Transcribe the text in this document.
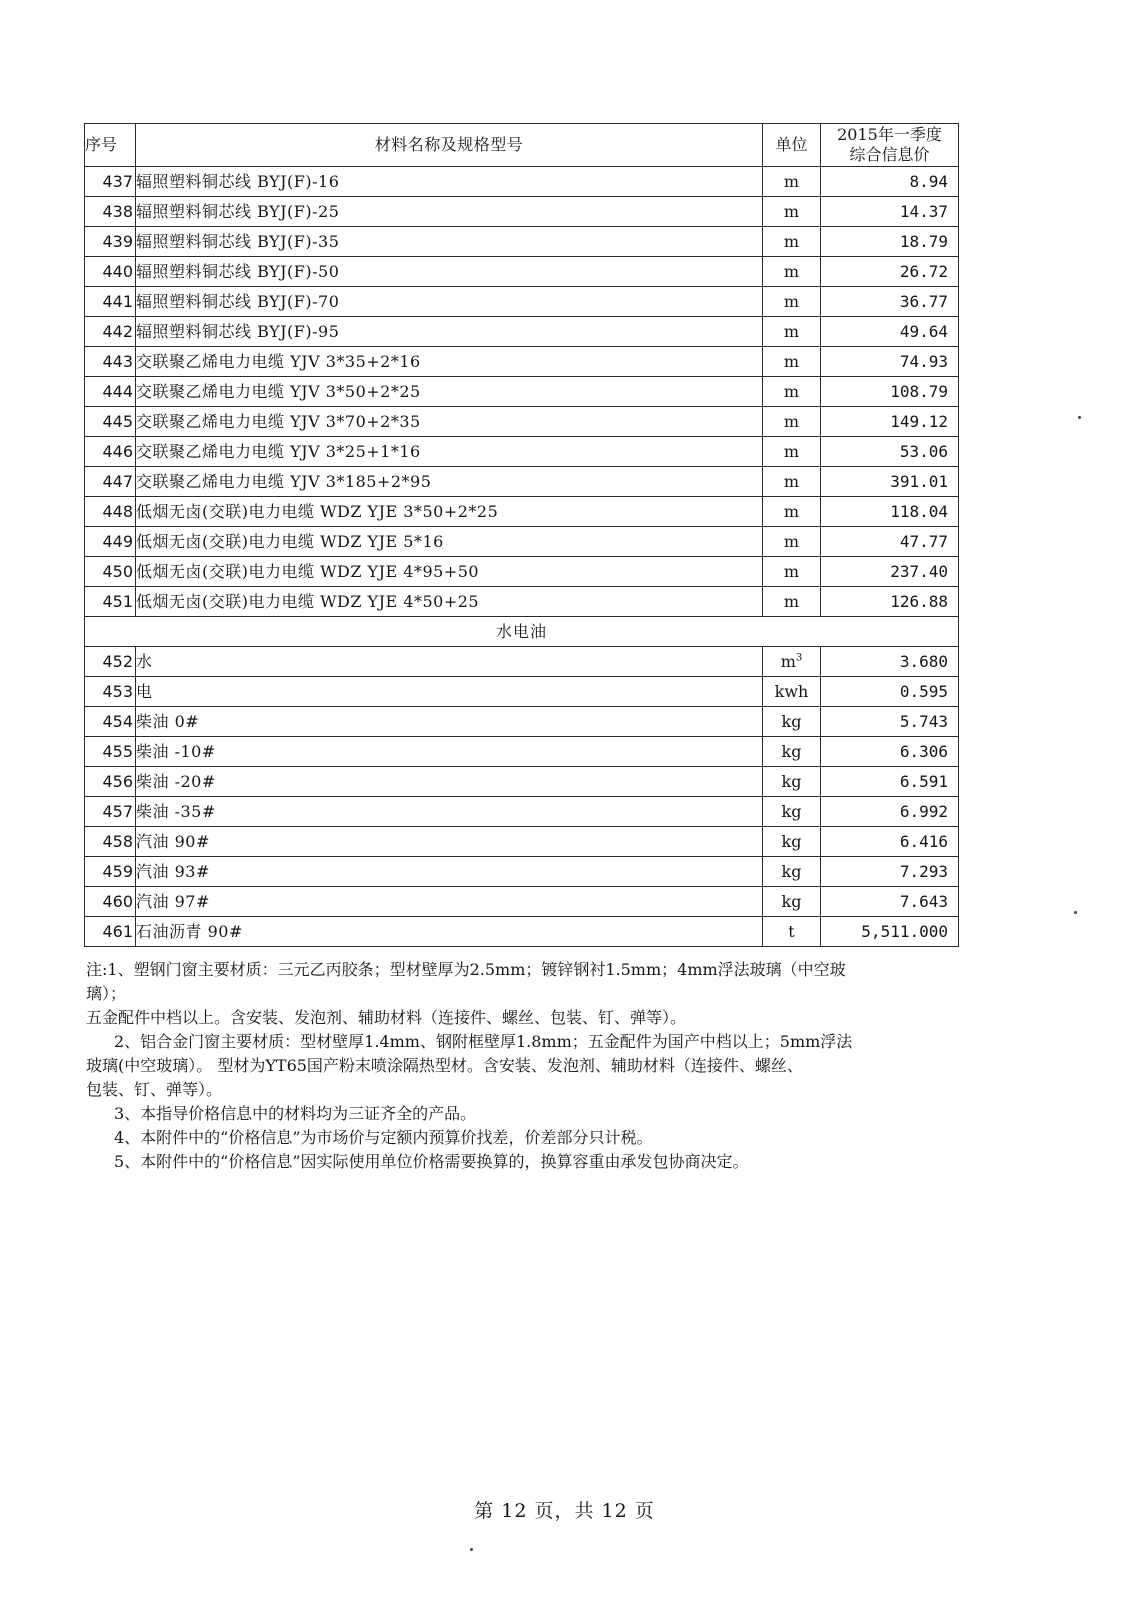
序号	材料名称及规格型号	单位	2015年一季度
综合信息价

437	辐照塑料铜芯线 BYJ(F)-16	m	8.94
438	辐照塑料铜芯线 BYJ(F)-25	m	14.37
439	辐照塑料铜芯线 BYJ(F)-35	m	18.79
440	辐照塑料铜芯线 BYJ(F)-50	m	26.72
441	辐照塑料铜芯线 BYJ(F)-70	m	36.77
442	辐照塑料铜芯线 BYJ(F)-95	m	49.64
443	交联聚乙烯电力电缆 YJV 3*35+2*16	m	74.93
444	交联聚乙烯电力电缆 YJV 3*50+2*25	m	108.79
445	交联聚乙烯电力电缆 YJV 3*70+2*35	m	149.12
446	交联聚乙烯电力电缆 YJV 3*25+1*16	m	53.06
447	交联聚乙烯电力电缆 YJV 3*185+2*95	m	391.01
448	低烟无卤(交联)电力电缆 WDZ YJE 3*50+2*25	m	118.04
449	低烟无卤(交联)电力电缆 WDZ YJE 5*16	m	47.77
450	低烟无卤(交联)电力电缆 WDZ YJE 4*95+50	m	237.40
451	低烟无卤(交联)电力电缆 WDZ YJE 4*50+25	m	126.88
水电油			
452	水	$m^3$	3.680
453	电	kwh	0.595
454	柴油 0#	kg	5.743
455	柴油 -10#	kg	6.306
456	柴油 -20#	kg	6.591
457	柴油 -35#	kg	6.992
458	汽油 90#	kg	6.416
459	汽油 93#	kg	7.293
460	汽油 97#	kg	7.643
461	石油沥青 90#	t	5,511.000

注:1、塑钢门窗主要材质：三元乙丙胶条；型材壁厚为2.5mm；镀锌钢衬1.5mm；4mm浮法玻璃（中空玻

璃）；

五金配件中档以上。含安装、发泡剂、辅助材料（连接件、螺丝、包装、钉、弹等）。

2、铝合金门窗主要材质：型材壁厚1.4mm、钢附框壁厚1.8mm；五金配件为国产中档以上；5mm浮法

玻璃(中空玻璃）。 型材为YT65国产粉末喷涂隔热型材。含安装、发泡剂、辅助材料（连接件、螺丝、

包装、钉、弹等）。

3、本指导价格信息中的材料均为三证齐全的产品。

4、本附件中的“价格信息”为市场价与定额内预算价找差，价差部分只计税。

5、本附件中的“价格信息”因实际使用单位价格需要换算的，换算容重由承发包协商决定。

第 12 页，共 12 页
